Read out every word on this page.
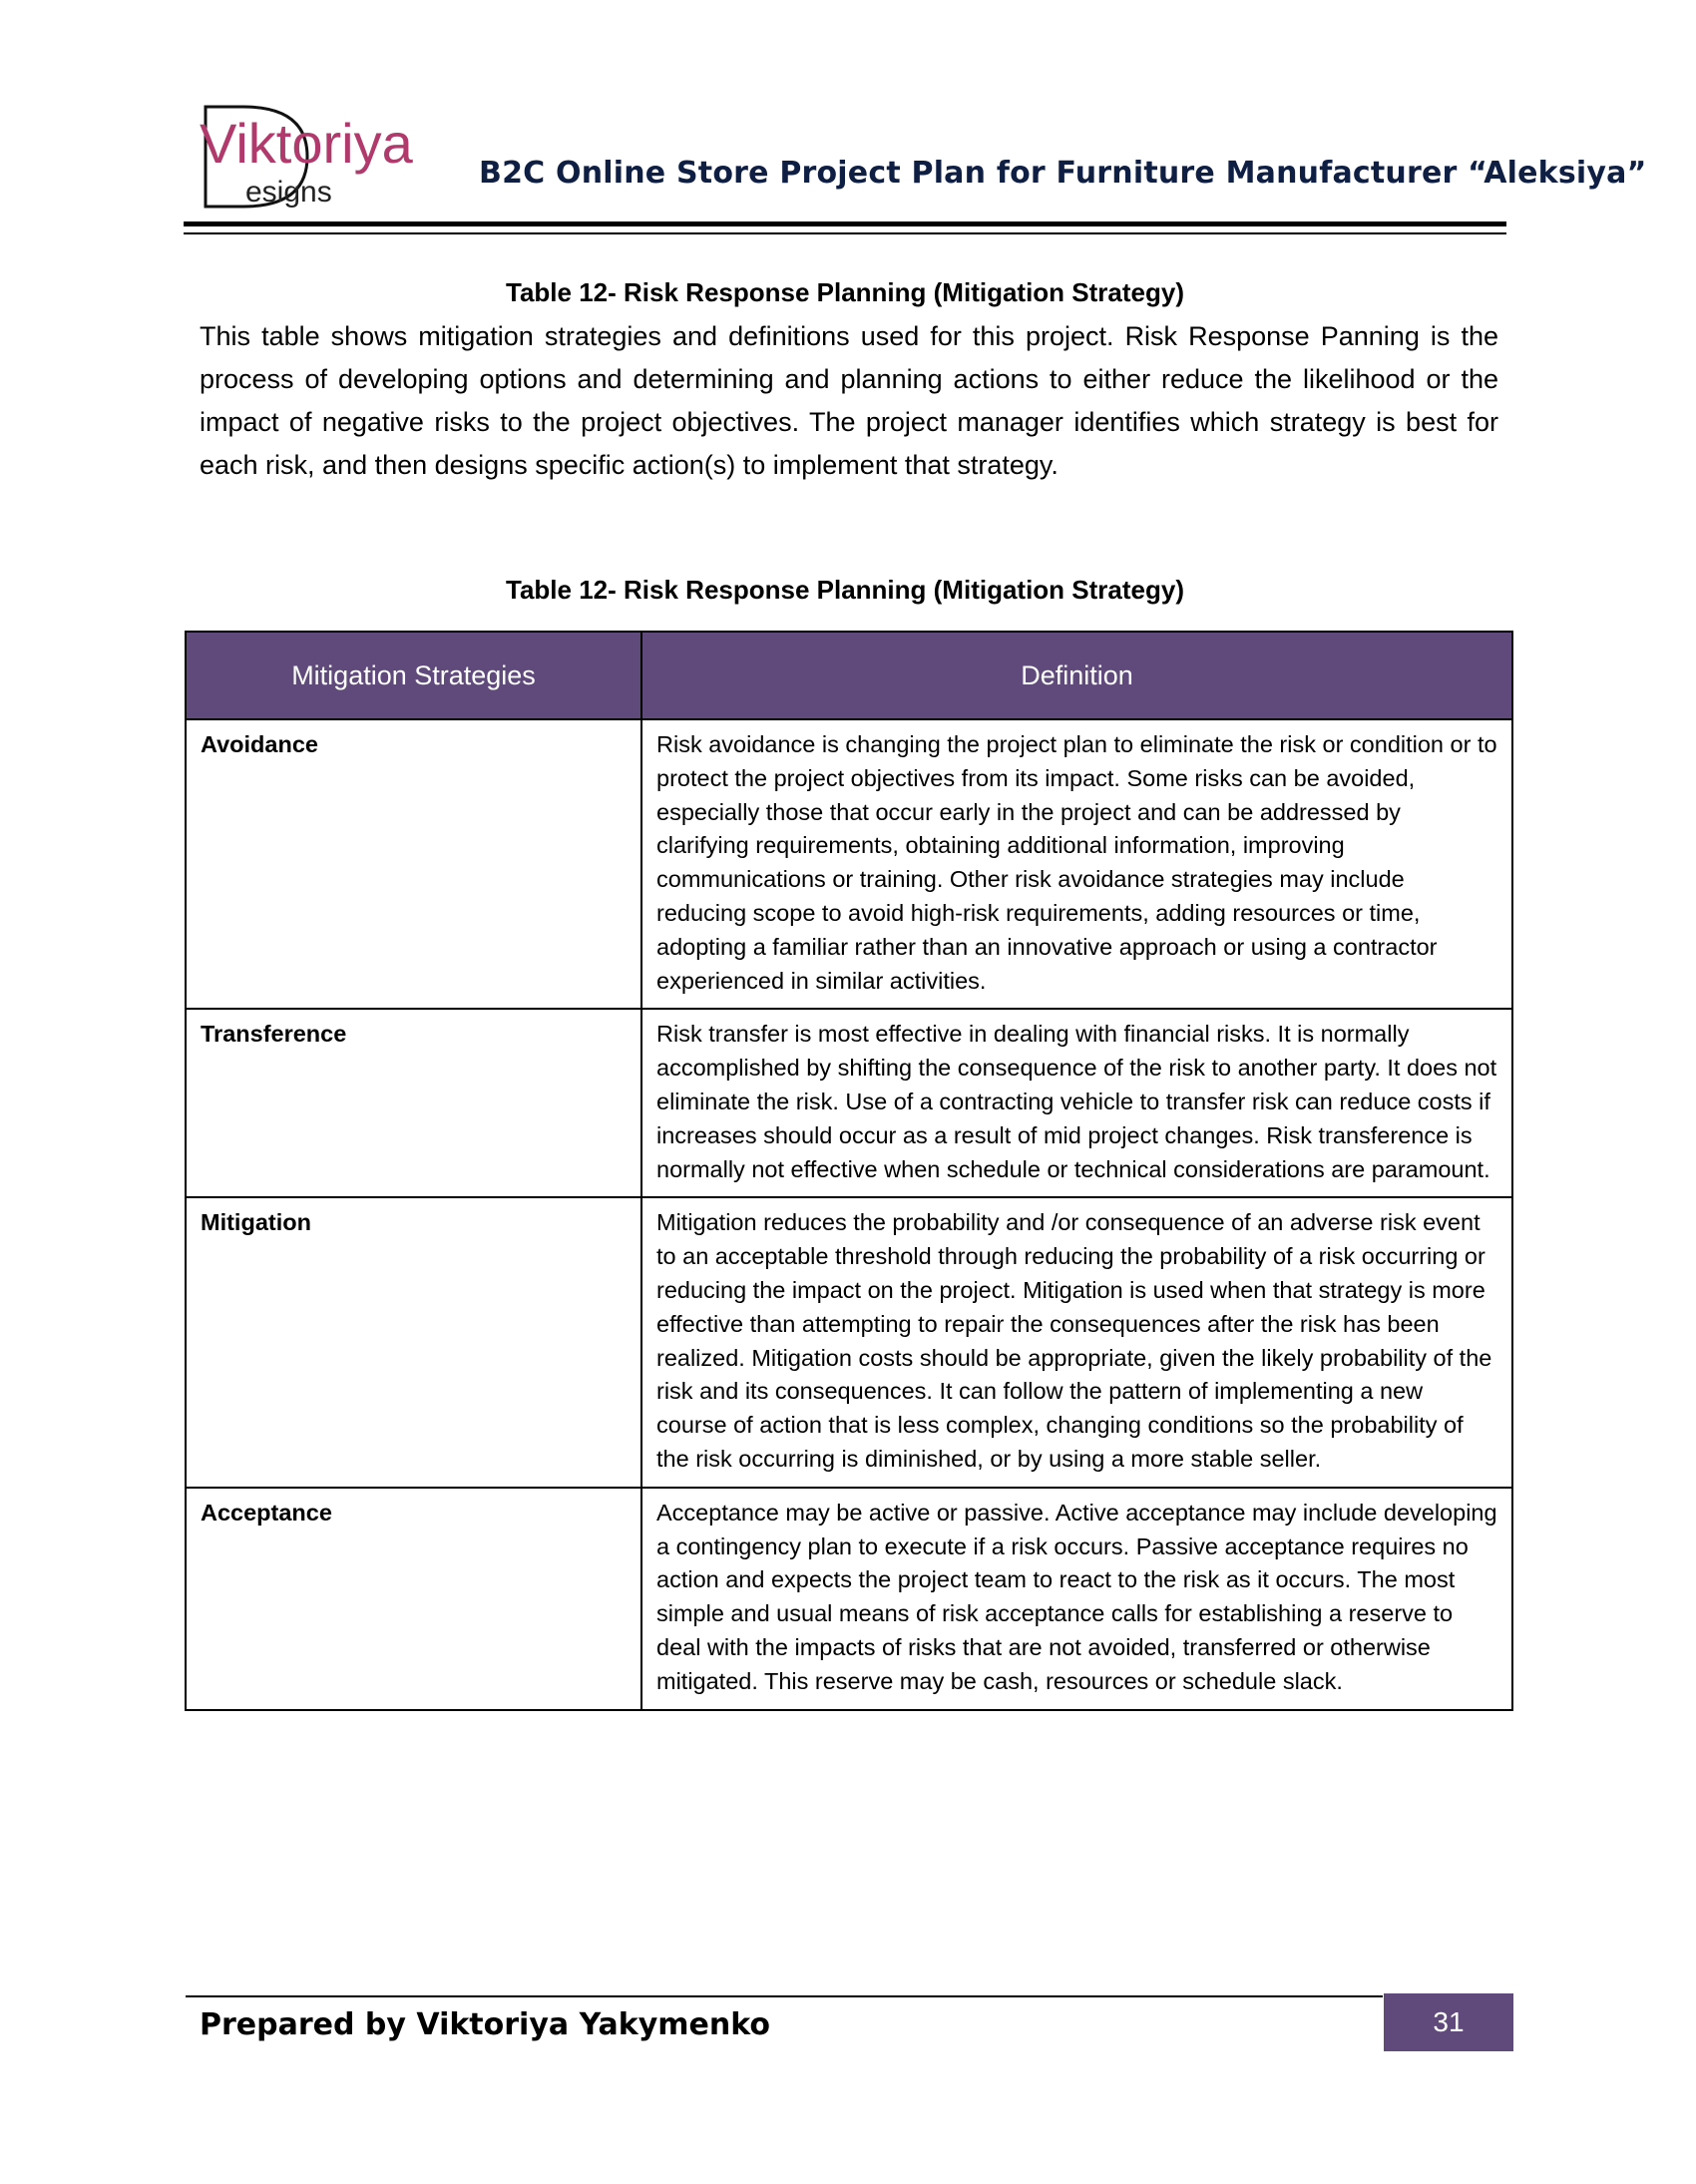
Viktoriya
esigns
B2C Online Store Project Plan for Furniture Manufacturer “Aleksiya”
Table 12- Risk Response Planning (Mitigation Strategy)

This table shows mitigation strategies and definitions used for this project. Risk Response Panning is the process of developing options and determining and planning actions to either reduce the likelihood or the impact of negative risks to the project objectives. The project manager identifies which strategy is best for each risk, and then designs specific action(s) to implement that strategy.

Table 12- Risk Response Planning (Mitigation Strategy)
Mitigation Strategies	Definition
Avoidance	Risk avoidance is changing the project plan to eliminate the risk or condition or to protect the project objectives from its impact. Some risks can be avoided, especially those that occur early in the project and can be addressed by clarifying requirements, obtaining additional information, improving communications or training. Other risk avoidance strategies may include reducing scope to avoid high-risk requirements, adding resources or time, adopting a familiar rather than an innovative approach or using a contractor experienced in similar activities.
Transference	Risk transfer is most effective in dealing with financial risks. It is normally accomplished by shifting the consequence of the risk to another party. It does not eliminate the risk. Use of a contracting vehicle to transfer risk can reduce costs if increases should occur as a result of mid project changes. Risk transference is normally not effective when schedule or technical considerations are paramount.
Mitigation	Mitigation reduces the probability and /or consequence of an adverse risk event to an acceptable threshold through reducing the probability of a risk occurring or reducing the impact on the project. Mitigation is used when that strategy is more effective than attempting to repair the consequences after the risk has been realized. Mitigation costs should be appropriate, given the likely probability of the risk and its consequences. It can follow the pattern of implementing a new course of action that is less complex, changing conditions so the probability of the risk occurring is diminished, or by using a more stable seller.
Acceptance	Acceptance may be active or passive. Active acceptance may include developing a contingency plan to execute if a risk occurs. Passive acceptance requires no action and expects the project team to react to the risk as it occurs. The most simple and usual means of risk acceptance calls for establishing a reserve to deal with the impacts of risks that are not avoided, transferred or otherwise mitigated. This reserve may be cash, resources or schedule slack.
Prepared by Viktoriya Yakymenko	31
